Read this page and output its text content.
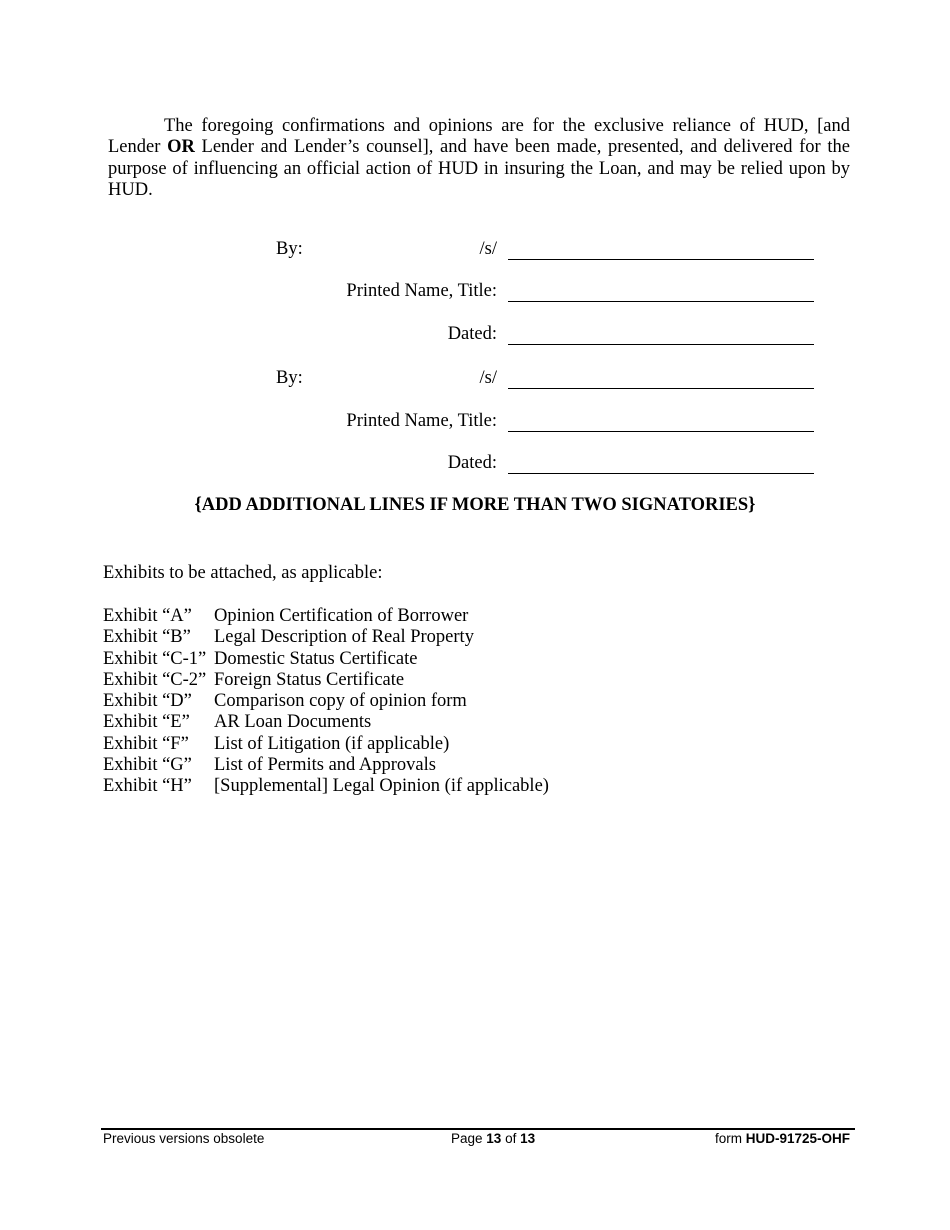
The foregoing confirmations and opinions are for the exclusive reliance of HUD, [and Lender OR Lender and Lender’s counsel], and have been made, presented, and delivered for the purpose of influencing an official action of HUD in insuring the Loan, and may be relied upon by HUD.

By:	/s/
Printed Name, Title:
Dated:
By:	/s/
Printed Name, Title:
Dated:
{ADD ADDITIONAL LINES IF MORE THAN TWO SIGNATORIES}
Exhibits to be attached, as applicable:
Exhibit “A” Opinion Certification of Borrower
Exhibit “B” Legal Description of Real Property
Exhibit “C-1” Domestic Status Certificate
Exhibit “C-2” Foreign Status Certificate
Exhibit “D” Comparison copy of opinion form
Exhibit “E” AR Loan Documents
Exhibit “F” List of Litigation (if applicable)
Exhibit “G” List of Permits and Approvals
Exhibit “H” [Supplemental] Legal Opinion (if applicable)
Previous versions obsolete	Page 13 of 13	form HUD-91725-OHF
